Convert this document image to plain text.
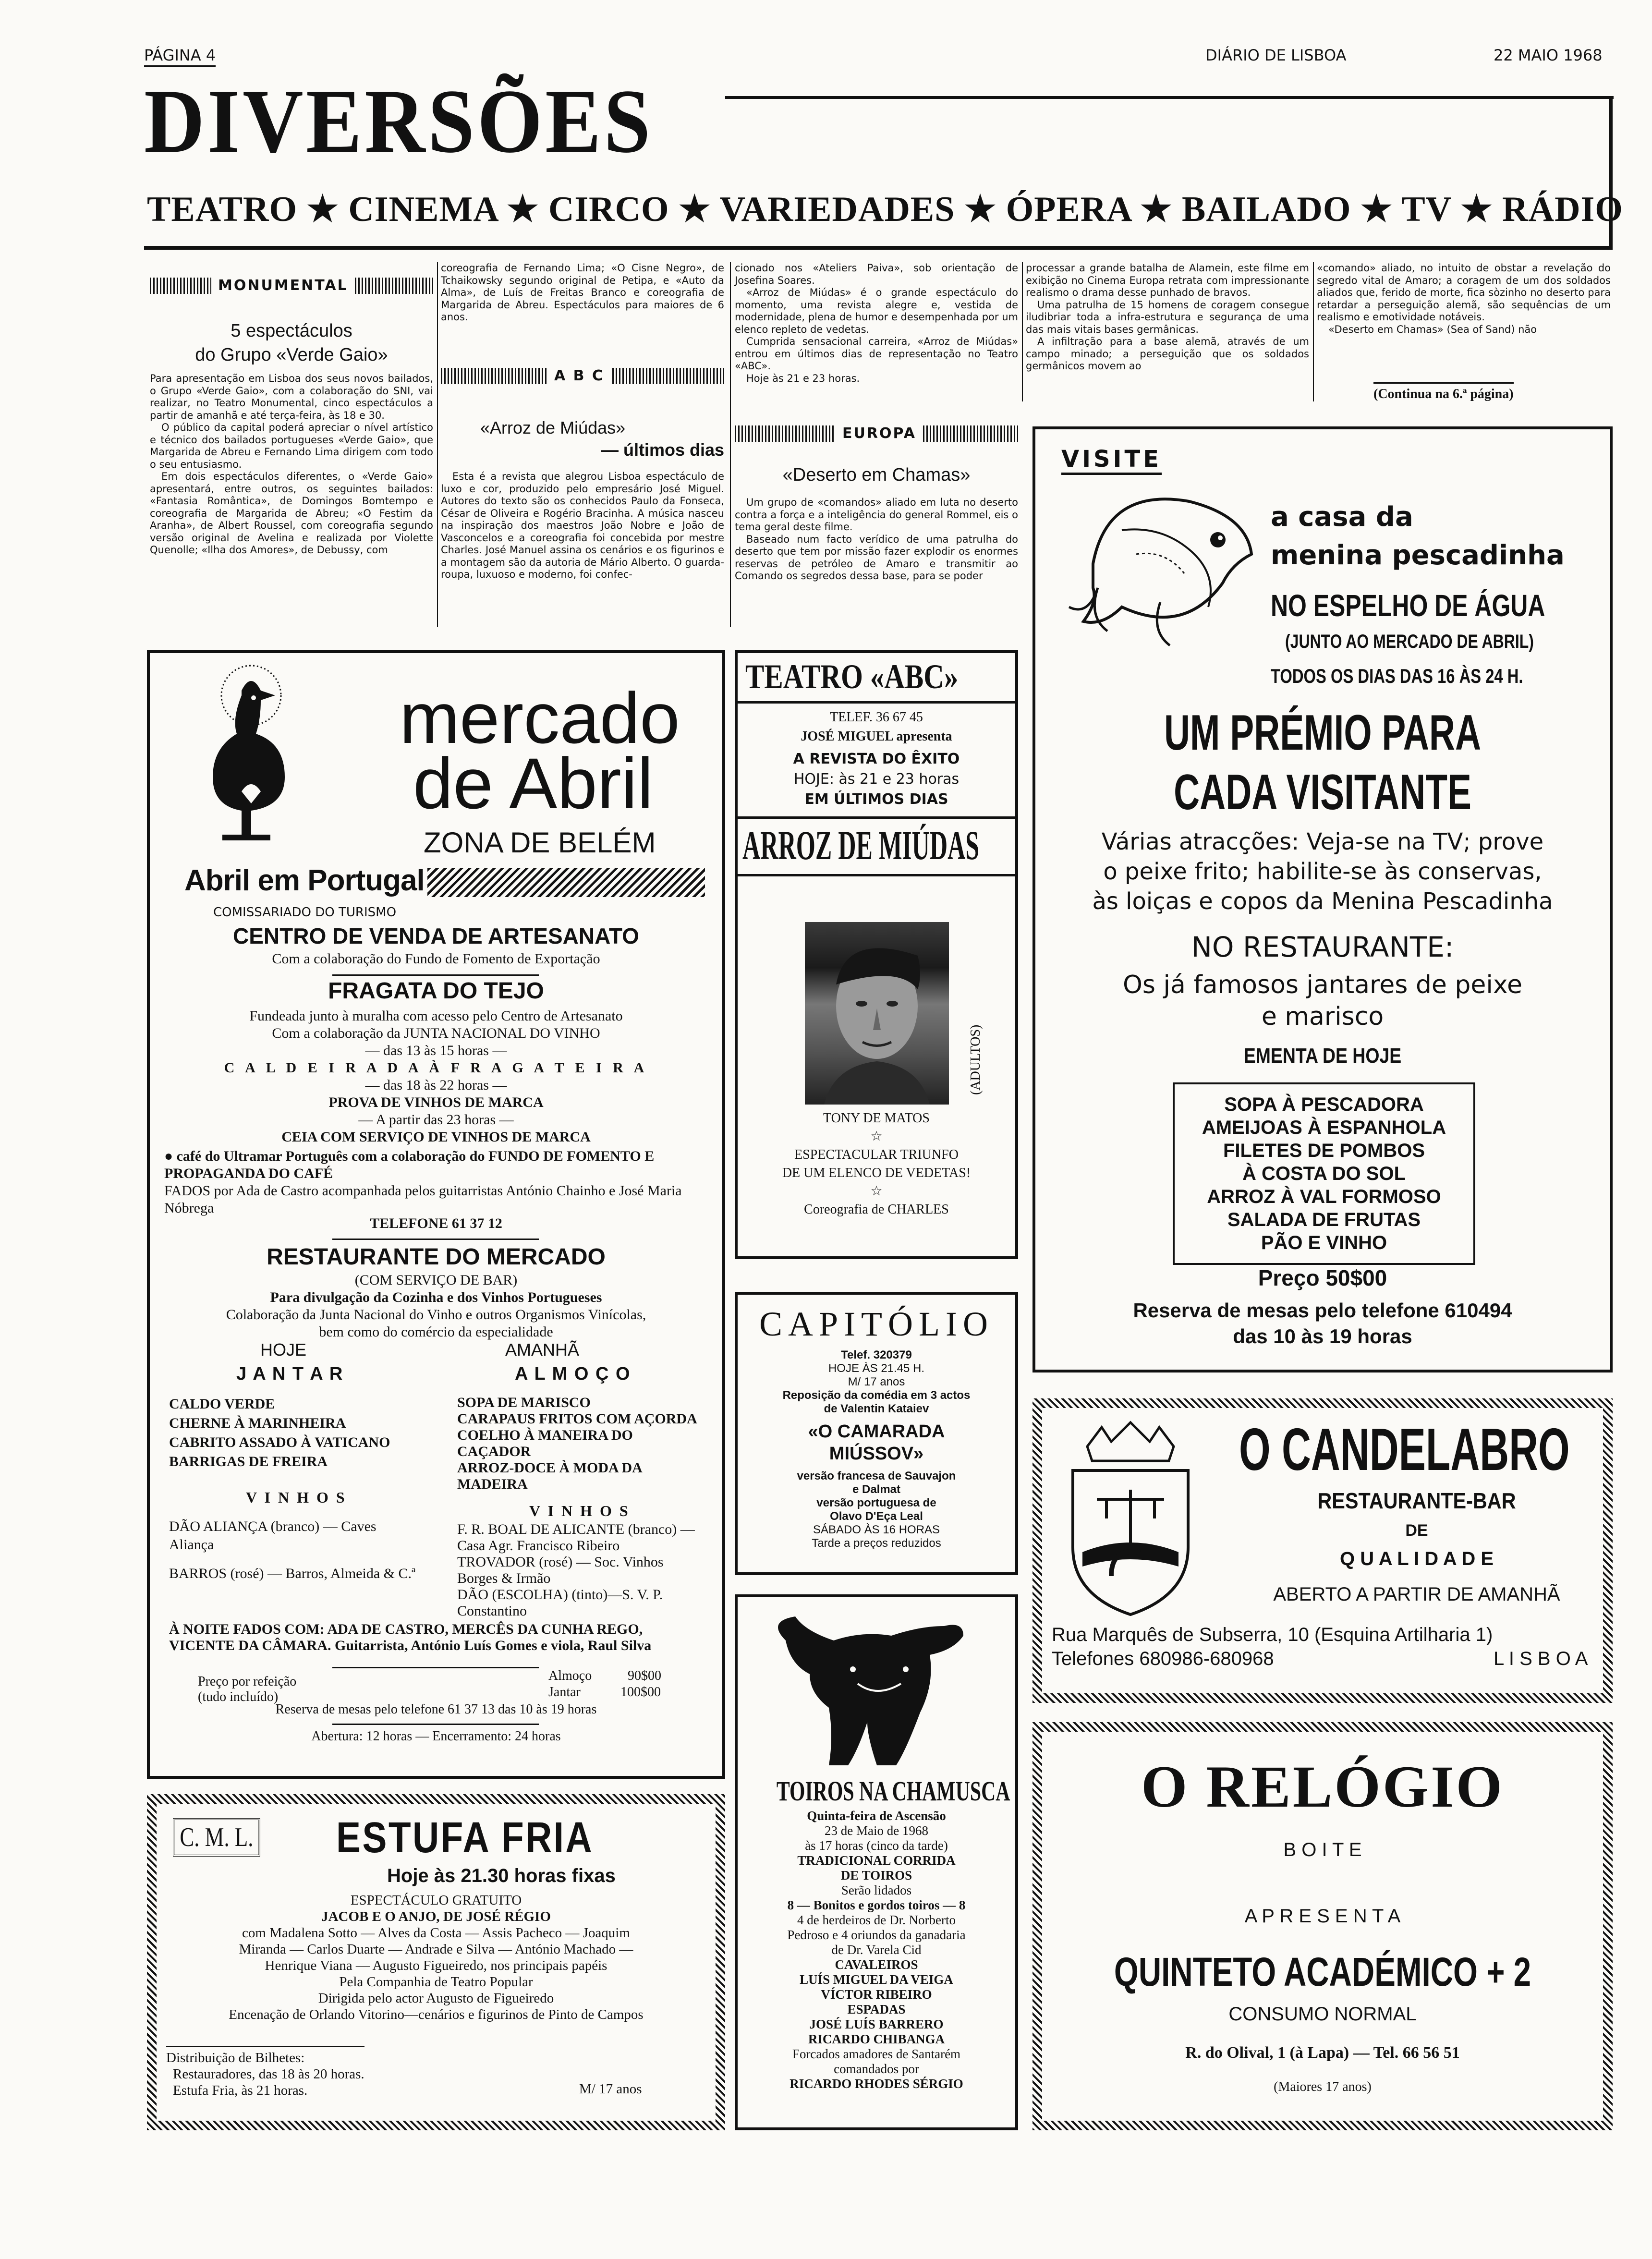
PÁGINA 4	DIÁRIO DE LISBOA	22 MAIO 1968
DIVERSÕES
TEATRO ★ CINEMA ★ CIRCO ★ VARIEDADES ★ ÓPERA ★ BAILADO ★ TV ★ RÁDIO
MONUMENTAL
5 espectáculos
do Grupo «Verde Gaio»

Para apresentação em Lisboa dos seus novos bailados, o Grupo «Verde Gaio», com a colaboração do SNI, vai realizar, no Teatro Monumental, cinco espectáculos a partir de amanhã e até terça-feira, às 18 e 30.

O público da capital poderá apreciar o nível artístico e técnico dos bailados portugueses «Verde Gaio», que Margarida de Abreu e Fernando Lima dirigem com todo o seu entusiasmo.

Em dois espectáculos diferentes, o «Verde Gaio» apresentará, entre outros, os seguintes bailados: «Fantasia Romântica», de Domingos Bomtempo e coreografia de Margarida de Abreu; «O Festim da Aranha», de Albert Roussel, com coreografia segundo versão original de Avelina e realizada por Violette Quenolle; «Ilha dos Amores», de Debussy, com

coreografia de Fernando Lima; «O Cisne Negro», de Tchaikowsky segundo original de Petipa, e «Auto da Alma», de Luís de Freitas Branco e coreografia de Margarida de Abreu. Espectáculos para maiores de 6 anos.

A B C
«Arroz de Miúdas»
— últimos dias

Esta é a revista que alegrou Lisboa espectáculo de luxo e cor, produzido pelo empresário José Miguel. Autores do texto são os conhecidos Paulo da Fonseca, César de Oliveira e Rogério Bracinha. A música nasceu na inspiração dos maestros João Nobre e João de Vasconcelos e a coreografia foi concebida por mestre Charles. José Manuel assina os cenários e os figurinos e a montagem são da autoria de Mário Alberto. O guarda-roupa, luxuoso e moderno, foi confec-

cionado nos «Ateliers Paiva», sob orientação de Josefina Soares.

«Arroz de Miúdas» é o grande espectáculo do momento, uma revista alegre e, vestida de modernidade, plena de humor e desempenhada por um elenco repleto de vedetas.

Cumprida sensacional carreira, «Arroz de Miúdas» entrou em últimos dias de representação no Teatro «ABC».

Hoje às 21 e 23 horas.

EUROPA
«Deserto em Chamas»

Um grupo de «comandos» aliado em luta no deserto contra a força e a inteligência do general Rommel, eis o tema geral deste filme.

Baseado num facto verídico de uma patrulha do deserto que tem por missão fazer explodir os enormes reservas de petróleo de Amaro e transmitir ao Comando os segredos dessa base, para se poder

processar a grande batalha de Alamein, este filme em exibição no Cinema Europa retrata com impressionante realismo o drama desse punhado de bravos.

Uma patrulha de 15 homens de coragem consegue iludibriar toda a infra-estrutura e segurança de uma das mais vitais bases germânicas.

A infiltração para a base alemã, através de um campo minado; a perseguição que os soldados germânicos movem ao

«comando» aliado, no intuito de obstar a revelação do segredo vital de Amaro; a coragem de um dos soldados aliados que, ferido de morte, fica sòzinho no deserto para retardar a perseguição alemã, são sequências de um realismo e emotividade notáveis.

«Deserto em Chamas» (Sea of Sand) não

(Continua na 6.ª página)
mercado
de Abril
ZONA DE BELÉM
Abril em Portugal
COMISSARIADO DO TURISMO
CENTRO DE VENDA DE ARTESANATO
Com a colaboração do Fundo de Fomento de Exportação
FRAGATA DO TEJO
Fundeada junto à muralha com acesso pelo Centro de Artesanato
Com a colaboração da JUNTA NACIONAL DO VINHO
— das 13 às 15 horas —
C A L D E I R A D A À F R A G A T E I R A
— das 18 às 22 horas —
PROVA DE VINHOS DE MARCA
— A partir das 23 horas —
CEIA COM SERVIÇO DE VINHOS DE MARCA
● café do Ultramar Português com a colaboração do FUNDO DE FOMENTO E PROPAGANDA DO CAFÉ
FADOS por Ada de Castro acompanhada pelos guitarristas António Chainho e José Maria Nóbrega
TELEFONE 61 37 12
RESTAURANTE DO MERCADO
(COM SERVIÇO DE BAR)
Para divulgação da Cozinha e dos Vinhos Portugueses
Colaboração da Junta Nacional do Vinho e outros Organismos Vinícolas,
bem como do comércio da especialidade
HOJE
J A N T A R
AMANHÃ
A L M O Ç O
CALDO VERDE
CHERNE À MARINHEIRA
CABRITO ASSADO À VATICANO
BARRIGAS DE FREIRA
V I N H O S
DÃO ALIANÇA (branco) — Caves Aliança
BARROS (rosé) — Barros, Almeida & C.ª
SOPA DE MARISCO
CARAPAUS FRITOS COM AÇORDA
COELHO À MANEIRA DO CAÇADOR
ARROZ-DOCE À MODA DA MADEIRA
V I N H O S
F. R. BOAL DE ALICANTE (branco) — Casa Agr. Francisco Ribeiro
TROVADOR (rosé) — Soc. Vinhos Borges & Irmão
DÃO (ESCOLHA) (tinto)—S. V. P. Constantino
À NOITE FADOS COM: ADA DE CASTRO, MERCÊS DA CUNHA REGO, VICENTE DA CÂMARA. Guitarrista, António Luís Gomes e viola, Raul Silva
Preço por refeição
(tudo incluído)
Almoço	90$00
Jantar	100$00
Reserva de mesas pelo telefone 61 37 13 das 10 às 19 horas
Abertura: 12 horas — Encerramento: 24 horas
C. M. L. ESTUFA FRIA
Hoje às 21.30 horas fixas
ESPECTÁCULO GRATUITO
JACOB E O ANJO, DE JOSÉ RÉGIO
com Madalena Sotto — Alves da Costa — Assis Pacheco — Joaquim
Miranda — Carlos Duarte — Andrade e Silva — António Machado —
Henrique Viana — Augusto Figueiredo, nos principais papéis
Pela Companhia de Teatro Popular
Dirigida pelo actor Augusto de Figueiredo
Encenação de Orlando Vitorino—cenários e figurinos de Pinto de Campos
Distribuição de Bilhetes:
Restauradores, das 18 às 20 horas.
Estufa Fria, às 21 horas.	M/ 17 anos
TEATRO «ABC»
TELEF. 36 67 45
JOSÉ MIGUEL apresenta
A REVISTA DO ÊXITO
HOJE: às 21 e 23 horas
EM ÚLTIMOS DIAS
ARROZ DE MIÚDAS
(ADULTOS)
TONY DE MATOS
☆
ESPECTACULAR TRIUNFO
DE UM ELENCO DE VEDETAS!
☆
Coreografia de CHARLES
CAPITÓLIO
Telef. 320379
HOJE ÀS 21.45 H.
M/ 17 anos
Reposição da comédia em 3 actos
de Valentin Kataiev
«O CAMARADA
MIÚSSOV»
versão francesa de Sauvajon
e Dalmat
versão portuguesa de
Olavo D'Eça Leal
SÁBADO ÀS 16 HORAS
Tarde a preços reduzidos
TOIROS NA CHAMUSCA
Quinta-feira de Ascensão
23 de Maio de 1968
às 17 horas (cinco da tarde)
TRADICIONAL CORRIDA
DE TOIROS
Serão lidados
8 — Bonitos e gordos toiros — 8
4 de herdeiros de Dr. Norberto
Pedroso e 4 oriundos da ganadaria
de Dr. Varela Cid
CAVALEIROS
LUÍS MIGUEL DA VEIGA
VÍCTOR RIBEIRO
ESPADAS
JOSÉ LUÍS BARRERO
RICARDO CHIBANGA
Forcados amadores de Santarém
comandados por
RICARDO RHODES SÉRGIO
VISITE
a casa da
menina pescadinha
NO ESPELHO DE ÁGUA
(JUNTO AO MERCADO DE ABRIL)
TODOS OS DIAS DAS 16 ÀS 24 H.
UM PRÉMIO PARA
CADA VISITANTE
Várias atracções: Veja-se na TV; prove
o peixe frito; habilite-se às conservas,
às loiças e copos da Menina Pescadinha
NO RESTAURANTE:
Os já famosos jantares de peixe
e marisco
EMENTA DE HOJE
SOPA À PESCADORA
AMEIJOAS À ESPANHOLA
FILETES DE POMBOS
À COSTA DO SOL
ARROZ À VAL FORMOSO
SALADA DE FRUTAS
PÃO E VINHO
Preço 50$00
Reserva de mesas pelo telefone 610494
das 10 às 19 horas
O CANDELABRO
RESTAURANTE-BAR
DE
Q U A L I D A D E
ABERTO A PARTIR DE AMANHÃ
Rua Marquês de Subserra, 10 (Esquina Artilharia 1)
Telefones 680986-680968	L I S B O A
O RELÓGIO
B O I T E
A P R E S E N T A
QUINTETO ACADÉMICO + 2
CONSUMO NORMAL
R. do Olival, 1 (à Lapa) — Tel. 66 56 51
(Maiores 17 anos)
